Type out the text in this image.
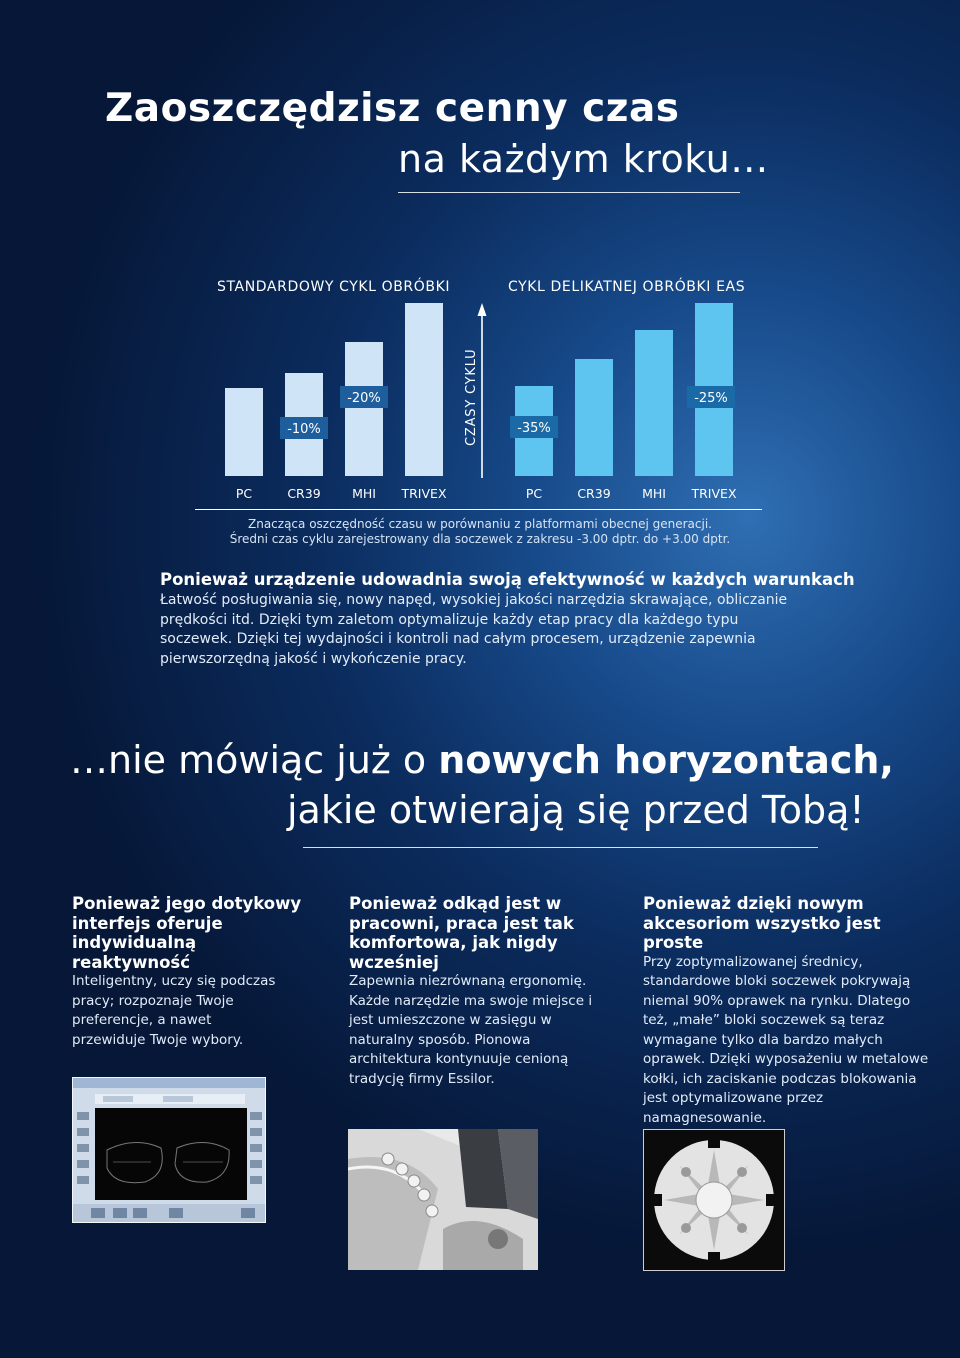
Zaoszczędzisz cenny czas
na każdym kroku…
STANDARDOWY CYKL OBRÓBKI	CYKL DELIKATNEJ OBRÓBKI EAS
PC	CR39
-10%
MHI
-20%
TRIVEX	PC
-35%
CR39	MHI TRIVEX
-25%
CZASY CYKLU
Znacząca oszczędność czasu w porównaniu z platformami obecnej generacji.
Średni czas cyklu zarejestrowany dla soczewek z zakresu -3.00 dptr. do +3.00 dptr.
Ponieważ urządzenie udowadnia swoją efektywność w każdych warunkach
Łatwość posługiwania się, nowy napęd, wysokiej jakości narzędzia skrawające, obliczanie
prędkości itd. Dzięki tym zaletom optymalizuje każdy etap pracy dla każdego typu
soczewek. Dzięki tej wydajności i kontroli nad całym procesem, urządzenie zapewnia
pierwszorzędną jakość i wykończenie pracy.
…nie mówiąc już o nowych horyzontach,
jakie otwierają się przed Tobą!
Ponieważ jego dotykowy interfejs oferuje indywidualną reaktywność
Inteligentny, uczy się podczas pracy; rozpoznaje Twoje preferencje, a nawet przewiduje Twoje wybory.
Ponieważ odkąd jest w pracowni, praca jest tak komfortowa, jak nigdy wcześniej
Zapewnia niezrównaną ergonomię. Każde narzędzie ma swoje miejsce i jest umieszczone w zasięgu w naturalny sposób. Pionowa architektura kontynuuje cenioną tradycję firmy Essilor.
Ponieważ dzięki nowym akcesoriom wszystko jest proste
Przy zoptymalizowanej średnicy, standardowe bloki soczewek pokrywają niemal 90% oprawek na rynku. Dlatego też, „małe” bloki soczewek są teraz wymagane tylko dla bardzo małych oprawek. Dzięki wyposażeniu w metalowe kołki, ich zaciskanie podczas blokowania jest optymalizowane przez namagnesowanie.
